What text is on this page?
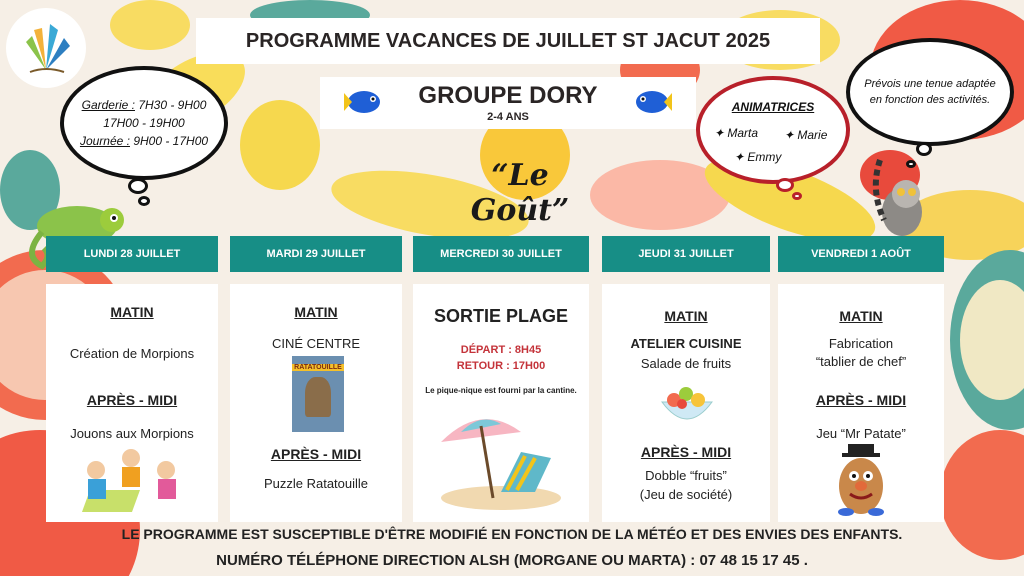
PROGRAMME VACANCES DE JUILLET ST JACUT 2025
GROUPE DORY
2-4 ANS
“Le Goût”
Garderie : 7H30 - 9H00
17H00 - 19H00
Journée : 9H00 - 17H00
ANIMATRICES
✦ Marta ✦ Marie
✦ Emmy
Prévois une tenue adaptée en fonction des activités.
LUNDI 28 JUILLET	MARDI 29 JUILLET	MERCREDI 30 JUILLET	JEUDI 31 JUILLET	VENDREDI 1 AOÛT
MATIN
Création de Morpions
APRÈS - MIDI
Jouons aux Morpions
MATIN
CINÉ CENTRE
RATATOUILLE
APRÈS - MIDI
Puzzle Ratatouille
SORTIE PLAGE
DÉPART : 8H45
RETOUR : 17H00
Le pique-nique est fourni par la cantine.
MATIN
ATELIER CUISINE
Salade de fruits
APRÈS - MIDI
Dobble “fruits”
(Jeu de société)
MATIN
Fabrication
“tablier de chef”
APRÈS - MIDI
Jeu “Mr Patate”
LE PROGRAMME EST SUSCEPTIBLE D'ÊTRE MODIFIÉ EN FONCTION DE LA MÉTÉO ET DES ENVIES DES ENFANTS.
NUMÉRO TÉLÉPHONE DIRECTION ALSH (MORGANE OU MARTA) : 07 48 15 17 45 .
